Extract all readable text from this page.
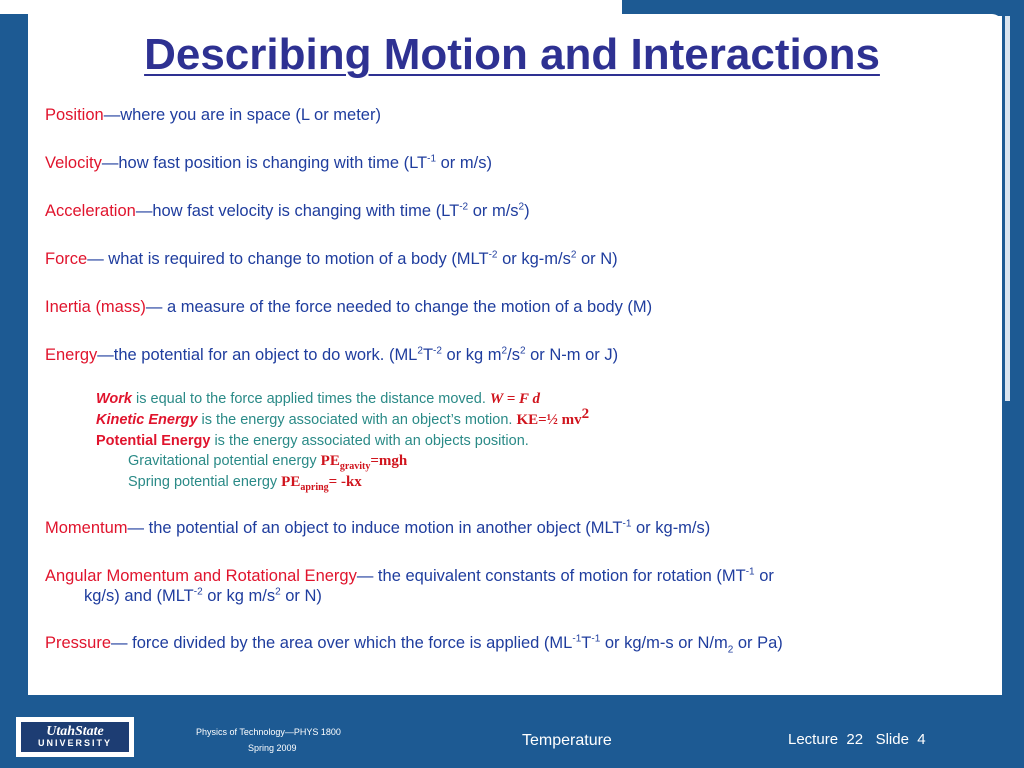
Describing Motion and Interactions
Position—where you are in space (L or meter)
Velocity—how fast position is changing with time ($LT^{-1}$ or m/s)
Acceleration—how fast velocity is changing with time ($LT^{-2}$ or $m/s^2$)
Force— what is required to change to motion of a body ($MLT^{-2}$ or $kg-m/s^2$ or N)
Inertia (mass)— a measure of the force needed to change the motion of a body (M)
Energy—the potential for an object to do work. ($ML^2T^{-2}$ or kg $m^2/s^2$ or N-m or J)
Work is equal to the force applied times the distance moved. W = F d
Kinetic Energy is the energy associated with an object’s motion. KE=½ mv2
Potential Energy is the energy associated with an objects position.
Gravitational potential energy $PE_{gravity}=mgh$
Spring potential energy $PE_{apring}= -kx$
Momentum— the potential of an object to induce motion in another object ($MLT^{-1}$ or kg-m/s)
Angular Momentum and Rotational Energy— the equivalent constants of motion for rotation ($MT^{-1}$ or
kg/s) and ($MLT^{-2}$ or kg $m/s^2$ or N)
Pressure— force divided by the area over which the force is applied ($ML^{-1}T^{-1}$ or kg/m-s or $N/m_2$ or Pa)
UtahState
UNIVERSITY
Physics of Technology—PHYS 1800
Spring 2009	Temperature	Lecture 22 Slide 4
